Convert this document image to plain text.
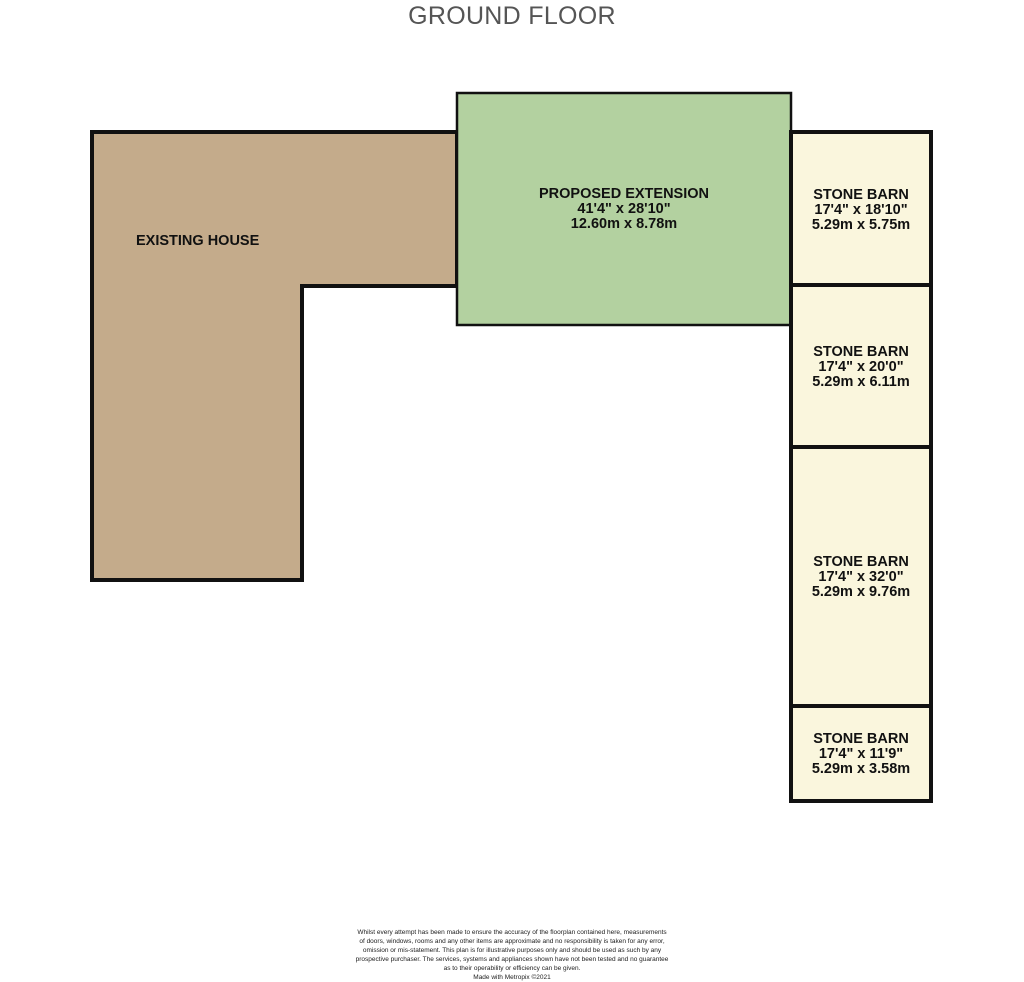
GROUND FLOOR
EXISTING HOUSE
PROPOSED EXTENSION
41'4" x 28'10"
12.60m x 8.78m
STONE BARN
17'4" x 18'10"
5.29m x 5.75m
STONE BARN
17'4" x 20'0"
5.29m x 6.11m
STONE BARN
17'4" x 32'0"
5.29m x 9.76m
STONE BARN
17'4" x 11'9"
5.29m x 3.58m
Whilst every attempt has been made to ensure the accuracy of the floorplan contained here, measurements
of doors, windows, rooms and any other items are approximate and no responsibility is taken for any error,
omission or mis-statement. This plan is for illustrative purposes only and should be used as such by any
prospective purchaser. The services, systems and appliances shown have not been tested and no guarantee
as to their operability or efficiency can be given.
Made with Metropix ©2021
